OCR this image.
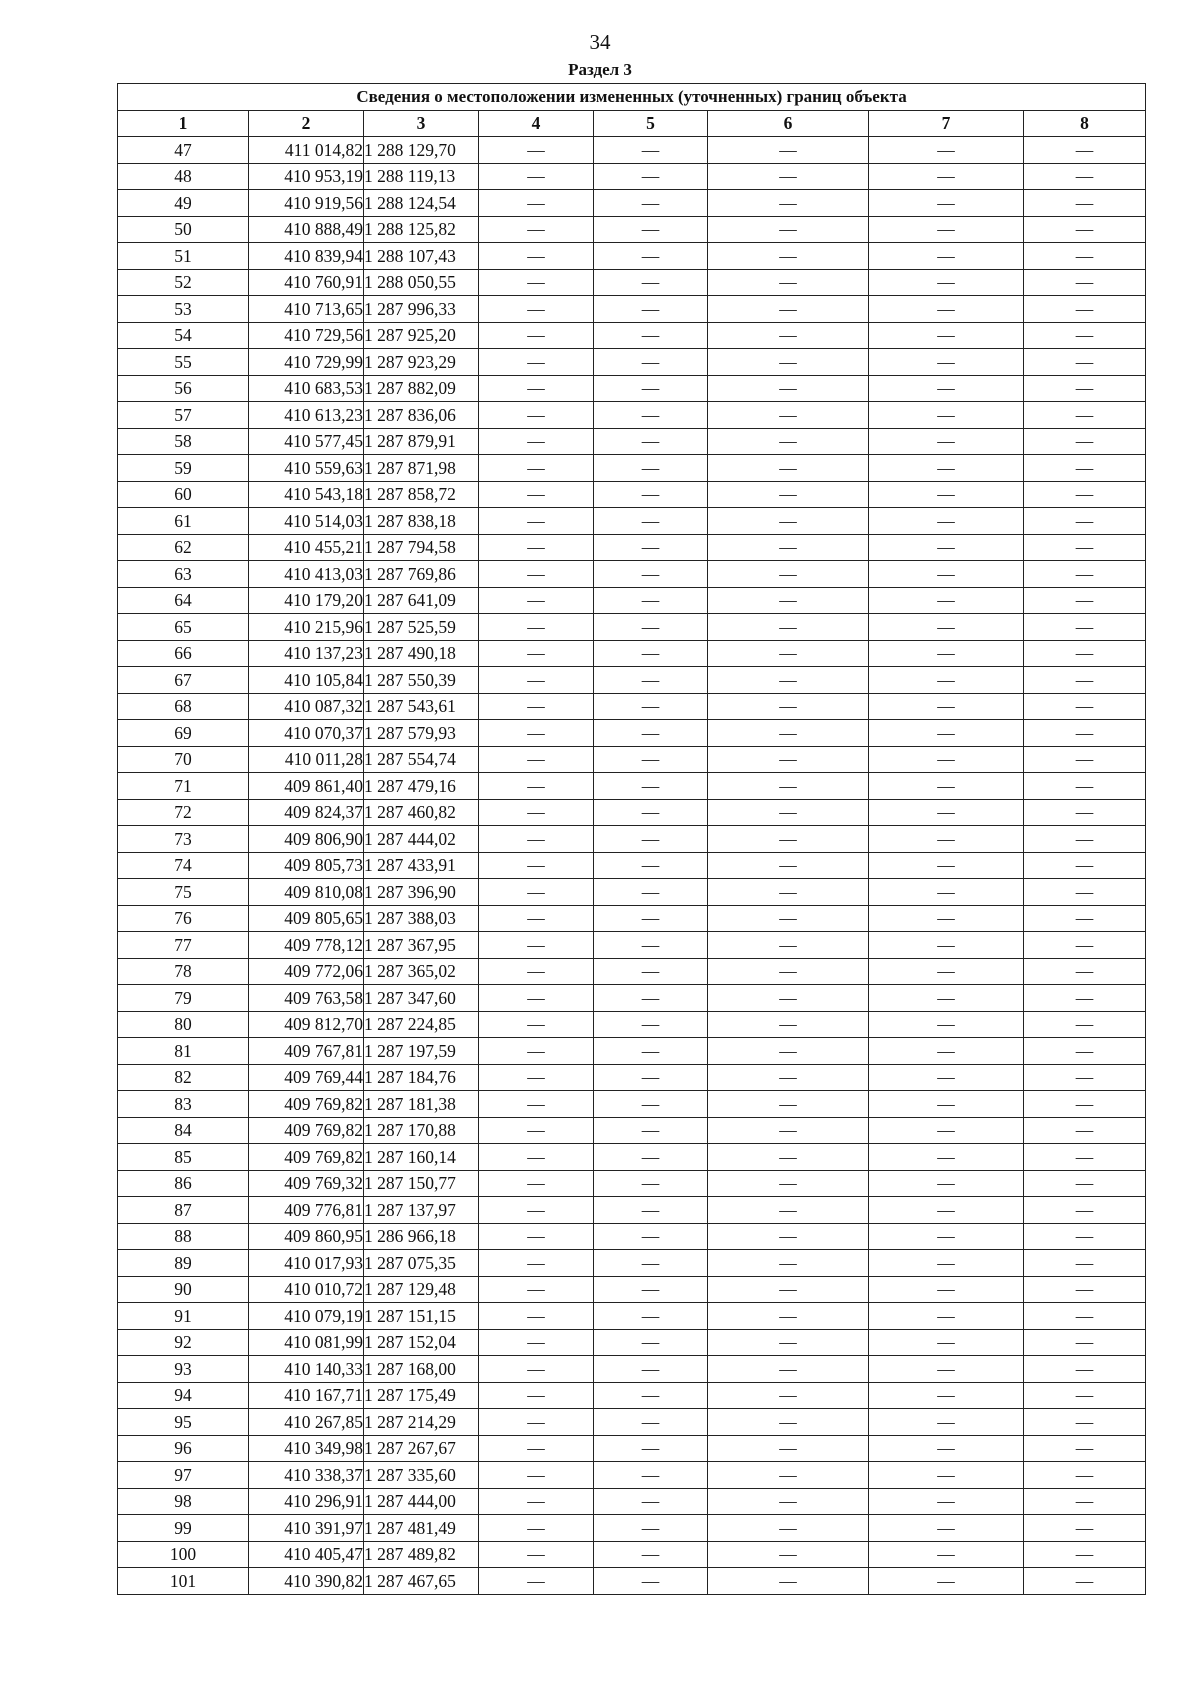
34
Раздел 3
Сведения о местоположении измененных (уточненных) границ объекта							
1	2	3	4	5	6	7	8
47	411 014,82	1 288 129,70	—	—	—	—	—
48	410 953,19	1 288 119,13	—	—	—	—	—
49	410 919,56	1 288 124,54	—	—	—	—	—
50	410 888,49	1 288 125,82	—	—	—	—	—
51	410 839,94	1 288 107,43	—	—	—	—	—
52	410 760,91	1 288 050,55	—	—	—	—	—
53	410 713,65	1 287 996,33	—	—	—	—	—
54	410 729,56	1 287 925,20	—	—	—	—	—
55	410 729,99	1 287 923,29	—	—	—	—	—
56	410 683,53	1 287 882,09	—	—	—	—	—
57	410 613,23	1 287 836,06	—	—	—	—	—
58	410 577,45	1 287 879,91	—	—	—	—	—
59	410 559,63	1 287 871,98	—	—	—	—	—
60	410 543,18	1 287 858,72	—	—	—	—	—
61	410 514,03	1 287 838,18	—	—	—	—	—
62	410 455,21	1 287 794,58	—	—	—	—	—
63	410 413,03	1 287 769,86	—	—	—	—	—
64	410 179,20	1 287 641,09	—	—	—	—	—
65	410 215,96	1 287 525,59	—	—	—	—	—
66	410 137,23	1 287 490,18	—	—	—	—	—
67	410 105,84	1 287 550,39	—	—	—	—	—
68	410 087,32	1 287 543,61	—	—	—	—	—
69	410 070,37	1 287 579,93	—	—	—	—	—
70	410 011,28	1 287 554,74	—	—	—	—	—
71	409 861,40	1 287 479,16	—	—	—	—	—
72	409 824,37	1 287 460,82	—	—	—	—	—
73	409 806,90	1 287 444,02	—	—	—	—	—
74	409 805,73	1 287 433,91	—	—	—	—	—
75	409 810,08	1 287 396,90	—	—	—	—	—
76	409 805,65	1 287 388,03	—	—	—	—	—
77	409 778,12	1 287 367,95	—	—	—	—	—
78	409 772,06	1 287 365,02	—	—	—	—	—
79	409 763,58	1 287 347,60	—	—	—	—	—
80	409 812,70	1 287 224,85	—	—	—	—	—
81	409 767,81	1 287 197,59	—	—	—	—	—
82	409 769,44	1 287 184,76	—	—	—	—	—
83	409 769,82	1 287 181,38	—	—	—	—	—
84	409 769,82	1 287 170,88	—	—	—	—	—
85	409 769,82	1 287 160,14	—	—	—	—	—
86	409 769,32	1 287 150,77	—	—	—	—	—
87	409 776,81	1 287 137,97	—	—	—	—	—
88	409 860,95	1 286 966,18	—	—	—	—	—
89	410 017,93	1 287 075,35	—	—	—	—	—
90	410 010,72	1 287 129,48	—	—	—	—	—
91	410 079,19	1 287 151,15	—	—	—	—	—
92	410 081,99	1 287 152,04	—	—	—	—	—
93	410 140,33	1 287 168,00	—	—	—	—	—
94	410 167,71	1 287 175,49	—	—	—	—	—
95	410 267,85	1 287 214,29	—	—	—	—	—
96	410 349,98	1 287 267,67	—	—	—	—	—
97	410 338,37	1 287 335,60	—	—	—	—	—
98	410 296,91	1 287 444,00	—	—	—	—	—
99	410 391,97	1 287 481,49	—	—	—	—	—
100	410 405,47	1 287 489,82	—	—	—	—	—
101	410 390,82	1 287 467,65	—	—	—	—	—
